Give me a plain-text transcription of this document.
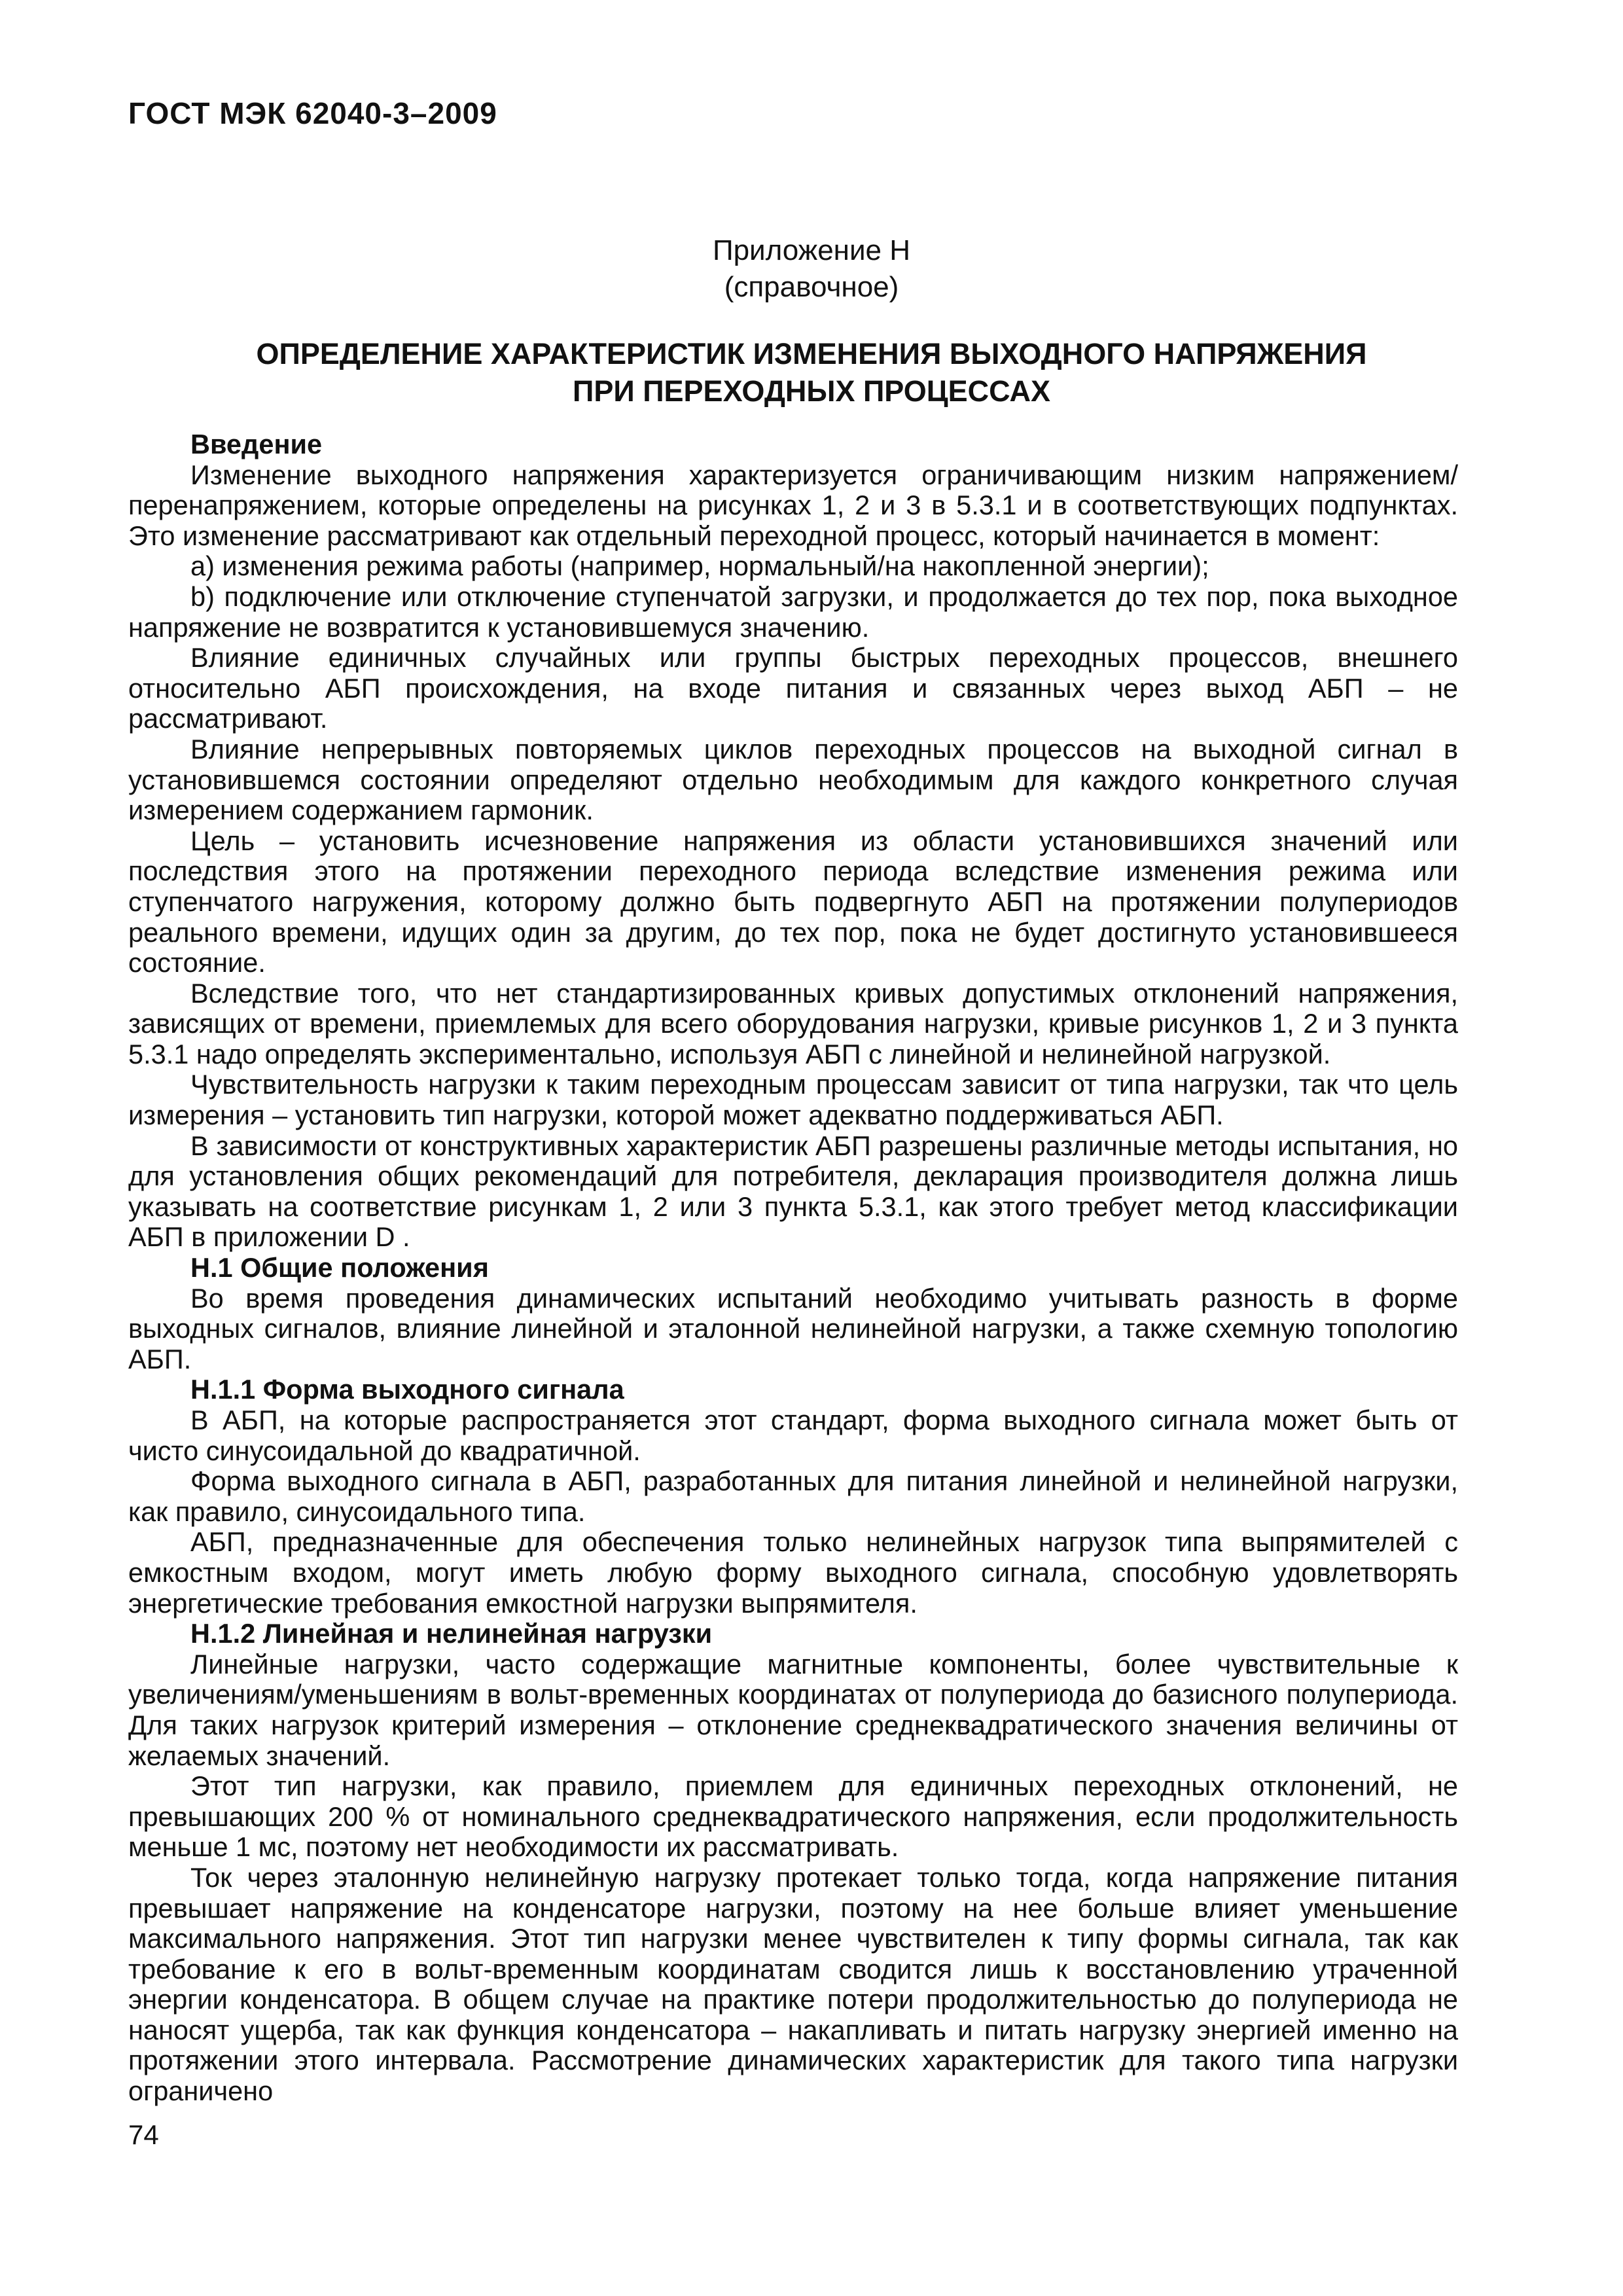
ГОСТ МЭК 62040-3–2009
Приложение Н
(справочное)
ОПРЕДЕЛЕНИЕ ХАРАКТЕРИСТИК ИЗМЕНЕНИЯ ВЫХОДНОГО НАПРЯЖЕНИЯ
ПРИ ПЕРЕХОДНЫХ ПРОЦЕССАХ

Введение

Изменение выходного напряжения характеризуется ограничивающим низким напряжением/перенапряжением, которые определены на рисунках 1, 2 и 3 в 5.3.1 и в соответствующих подпунктах. Это изменение рассматривают как отдельный переходной процесс, который начинается в момент:

a) изменения режима работы (например, нормальный/на накопленной энергии);

b) подключение или отключение ступенчатой загрузки, и продолжается до тех пор, пока выходное напряжение не возвратится к установившемуся значению.

Влияние единичных случайных или группы быстрых переходных процессов, внешнего относительно АБП происхождения, на входе питания и связанных через выход АБП – не рассматривают.

Влияние непрерывных повторяемых циклов переходных процессов на выходной сигнал в установившемся состоянии определяют отдельно необходимым для каждого конкретного случая измерением содержанием гармоник.

Цель – установить исчезновение напряжения из области установившихся значений или последствия этого на протяжении переходного периода вследствие изменения режима или ступенчатого нагружения, которому должно быть подвергнуто АБП на протяжении полупериодов реального времени, идущих один за другим, до тех пор, пока не будет достигнуто установившееся состояние.

Вследствие того, что нет стандартизированных кривых допустимых отклонений напряжения, зависящих от времени, приемлемых для всего оборудования нагрузки, кривые рисунков 1, 2 и 3 пункта 5.3.1 надо определять экспериментально, используя АБП с линейной и нелинейной нагрузкой.

Чувствительность нагрузки к таким переходным процессам зависит от типа нагрузки, так что цель измерения – установить тип нагрузки, которой может адекватно поддерживаться АБП.

В зависимости от конструктивных характеристик АБП разрешены различные методы испытания, но для установления общих рекомендаций для потребителя, декларация производителя должна лишь указывать на соответствие рисункам 1, 2 или 3 пункта 5.3.1, как этого требует метод классификации АБП в приложении D .

Н.1 Общие положения

Во время проведения динамических испытаний необходимо учитывать разность в форме выходных сигналов, влияние линейной и эталонной нелинейной нагрузки, а также схемную топологию АБП.

Н.1.1 Форма выходного сигнала

В АБП, на которые распространяется этот стандарт, форма выходного сигнала может быть от чисто синусоидальной до квадратичной.

Форма выходного сигнала в АБП, разработанных для питания линейной и нелинейной нагрузки, как правило, синусоидального типа.

АБП, предназначенные для обеспечения только нелинейных нагрузок типа выпрямителей с емкостным входом, могут иметь любую форму выходного сигнала, способную удовлетворять энергетические требования емкостной нагрузки выпрямителя.

Н.1.2 Линейная и нелинейная нагрузки

Линейные нагрузки, часто содержащие магнитные компоненты, более чувствительные к увеличениям/уменьшениям в вольт-временных координатах от полупериода до базисного полупериода. Для таких нагрузок критерий измерения – отклонение среднеквадратического значения величины от желаемых значений.

Этот тип нагрузки, как правило, приемлем для единичных переходных отклонений, не превышающих 200 % от номинального среднеквадратического напряжения, если продолжительность меньше 1 мс, поэтому нет необходимости их рассматривать.

Ток через эталонную нелинейную нагрузку протекает только тогда, когда напряжение питания превышает напряжение на конденсаторе нагрузки, поэтому на нее больше влияет уменьшение максимального напряжения. Этот тип нагрузки менее чувствителен к типу формы сигнала, так как требование к его в вольт-временным координатам сводится лишь к восстановлению утраченной энергии конденсатора. В общем случае на практике потери продолжительностью до полупериода не наносят ущерба, так как функция конденсатора – накапливать и питать нагрузку энергией именно на протяжении этого интервала. Рассмотрение динамических характеристик для такого типа нагрузки ограничено

74
